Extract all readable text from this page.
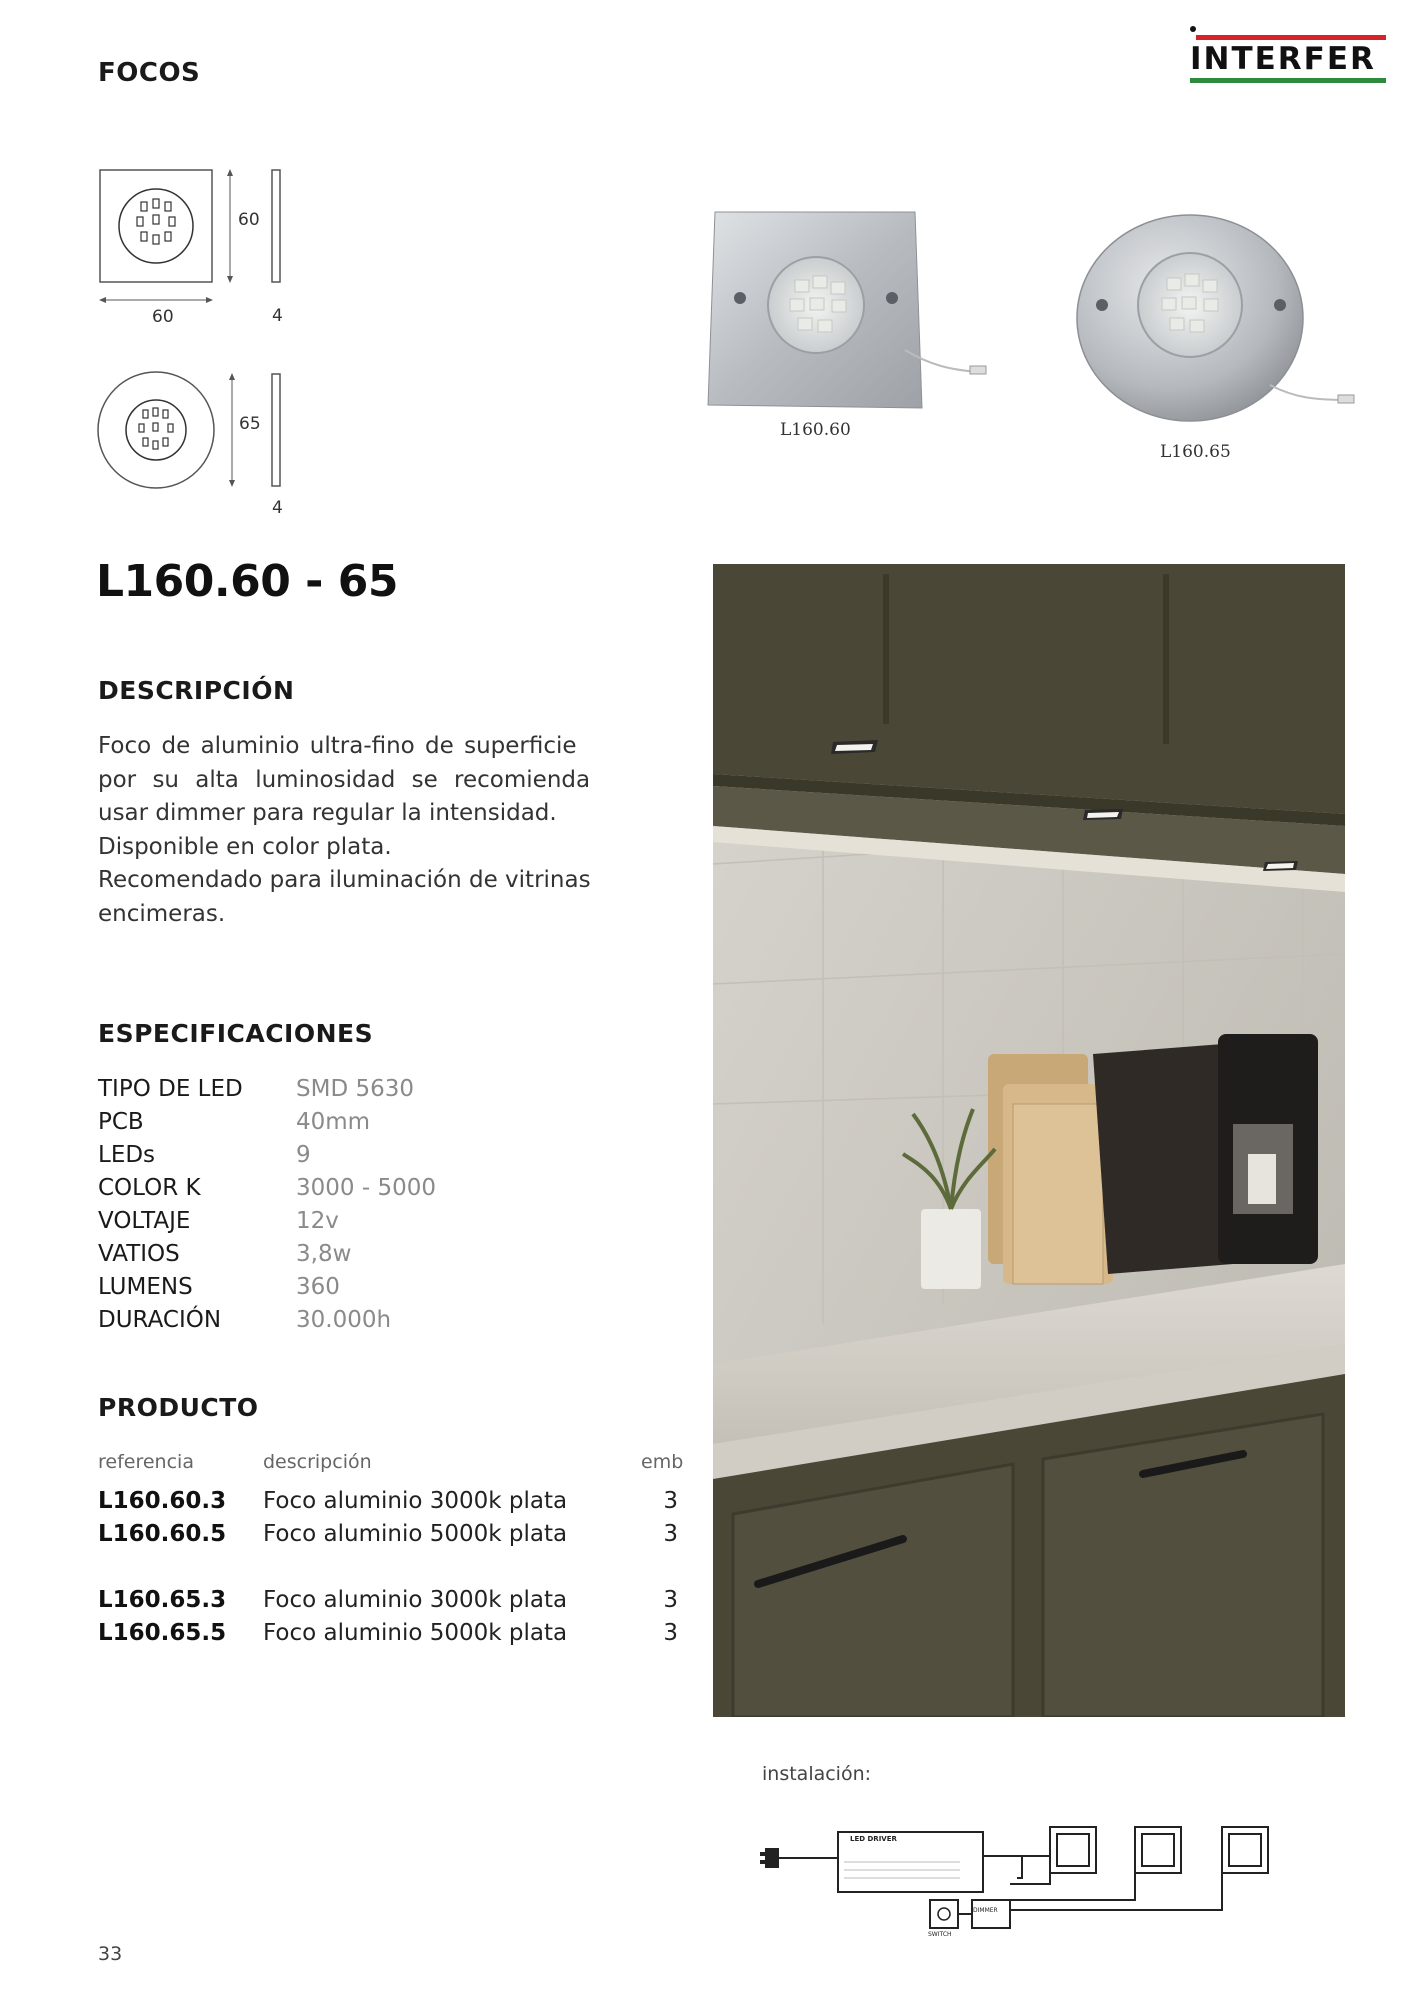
FOCOS	INTERFER
60
60	4
65
4
L160.60
L160.65
L160.60 - 65
DESCRIPCIÓN
Foco de aluminio ultra-fino de superficie
por su alta luminosidad se recomienda
usar dimmer para regular la intensidad.
Disponible en color plata.
Recomendado para iluminación de vitrinas
encimeras.
ESPECIFICACIONES
TIPO DE LED SMD 5630
PCB	40mm
LEDs	9
COLOR K	3000 - 5000
VOLTAJE	12v
VATIOS	3,8w
LUMENS	360
DURACIÓN	30.000h
PRODUCTO
referencia	descripción	emb
L160.60.3 Foco aluminio 3000k plata	3
L160.60.5 Foco aluminio 5000k plata	3
L160.65.3 Foco aluminio 3000k plata	3
L160.65.5 Foco aluminio 5000k plata	3
instalación:
LED DRIVER
DIMMER
SWITCH
33
